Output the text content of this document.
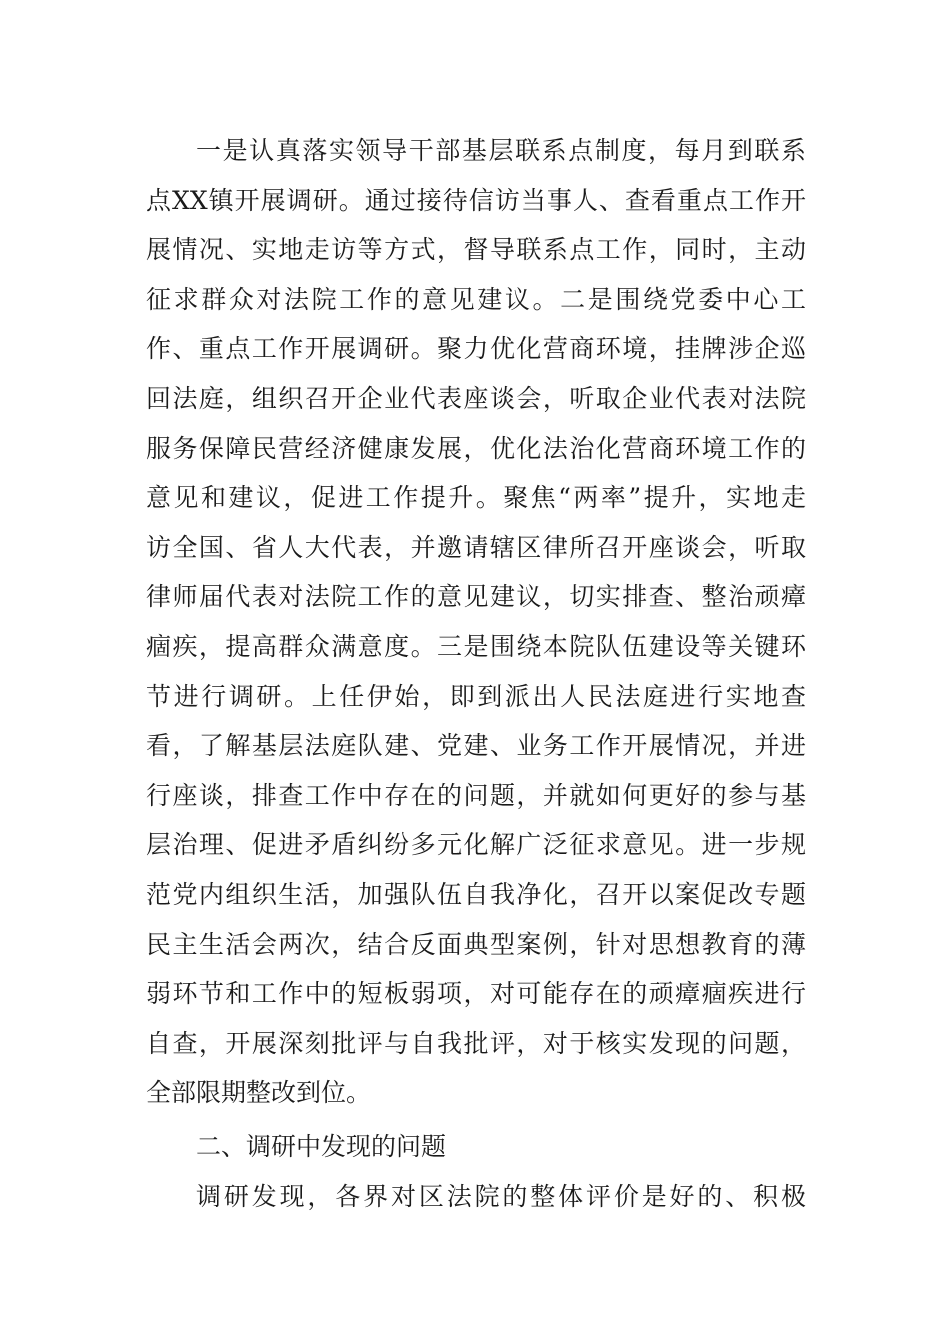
一是认真落实领导干部基层联系点制度，每月到联系
点XX镇开展调研。通过接待信访当事人、查看重点工作开
展情况、实地走访等方式，督导联系点工作，同时，主动
征求群众对法院工作的意见建议。二是围绕党委中心工
作、重点工作开展调研。聚力优化营商环境，挂牌涉企巡
回法庭，组织召开企业代表座谈会，听取企业代表对法院
服务保障民营经济健康发展，优化法治化营商环境工作的
意见和建议，促进工作提升。聚焦“两率”提升，实地走
访全国、省人大代表，并邀请辖区律所召开座谈会，听取
律师届代表对法院工作的意见建议，切实排查、整治顽瘴
痼疾，提高群众满意度。三是围绕本院队伍建设等关键环
节进行调研。上任伊始，即到派出人民法庭进行实地查
看，了解基层法庭队建、党建、业务工作开展情况，并进
行座谈，排查工作中存在的问题，并就如何更好的参与基
层治理、促进矛盾纠纷多元化解广泛征求意见。进一步规
范党内组织生活，加强队伍自我净化，召开以案促改专题
民主生活会两次，结合反面典型案例，针对思想教育的薄
弱环节和工作中的短板弱项，对可能存在的顽瘴痼疾进行
自查，开展深刻批评与自我批评，对于核实发现的问题，
全部限期整改到位。
二、调研中发现的问题
调研发现，各界对区法院的整体评价是好的、积极
